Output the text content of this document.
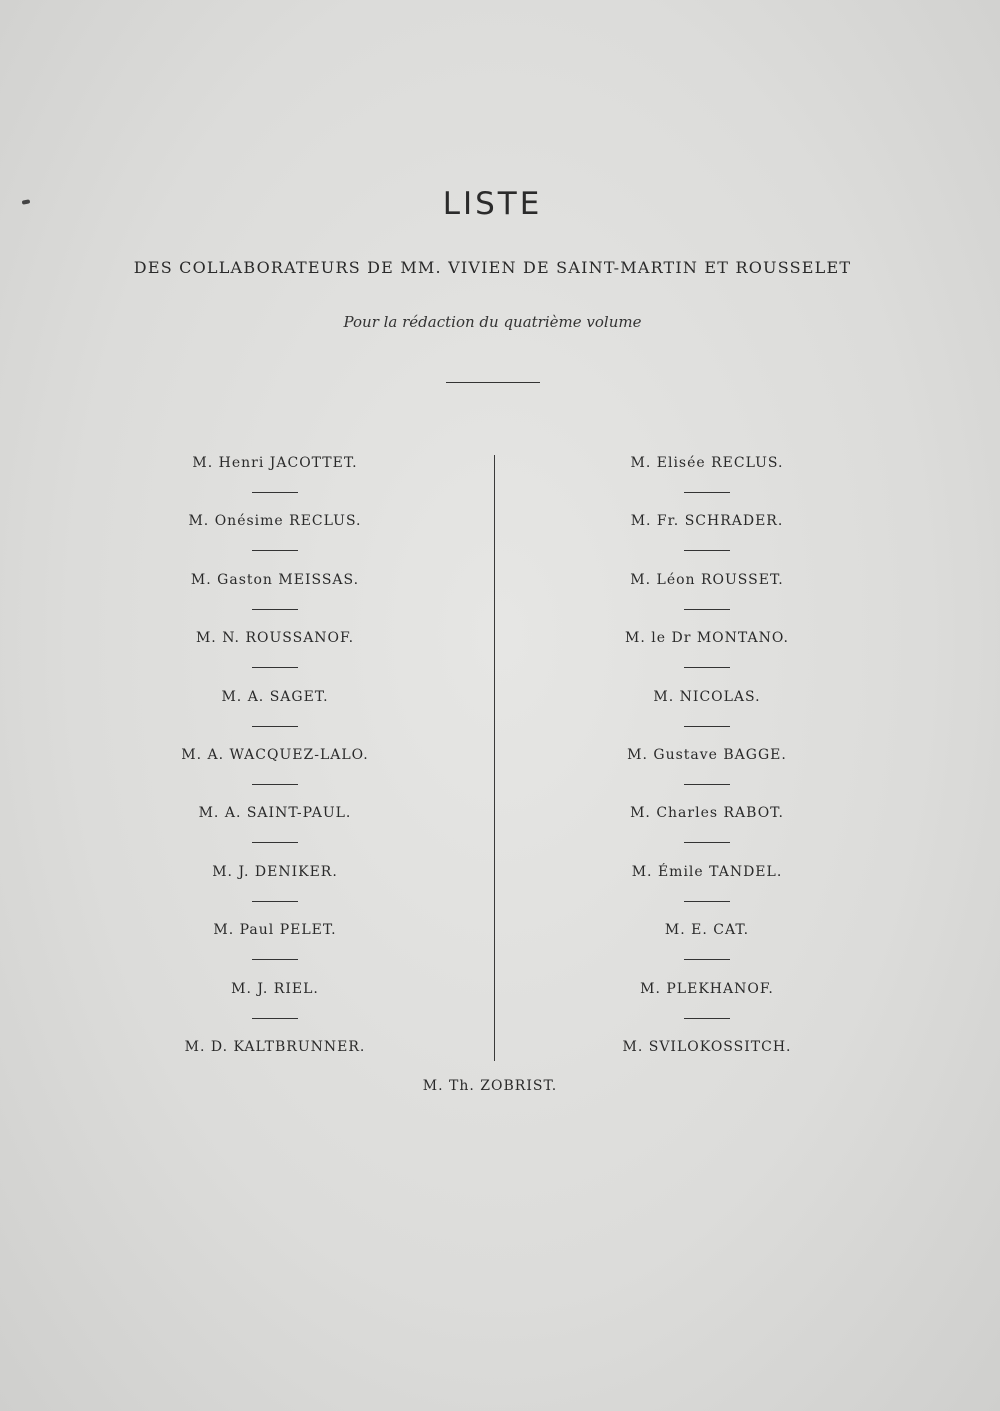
LISTE
DES COLLABORATEURS DE MM. VIVIEN DE SAINT-MARTIN ET ROUSSELET
Pour la rédaction du quatrième volume
M. Henri JACOTTET.
M. Onésime RECLUS.
M. Gaston MEISSAS.
M. N. ROUSSANOF.
M. A. SAGET.
M. A. WACQUEZ-LALO.
M. A. SAINT-PAUL.
M. J. DENIKER.
M. Paul PELET.
M. J. RIEL.
M. D. KALTBRUNNER.
M. Elisée RECLUS.
M. Fr. SCHRADER.
M. Léon ROUSSET.
M. le Dr MONTANO.
M. NICOLAS.
M. Gustave BAGGE.
M. Charles RABOT.
M. Émile TANDEL.
M. E. CAT.
M. PLEKHANOF.
M. SVILOKOSSITCH.
M. Th. ZOBRIST.
